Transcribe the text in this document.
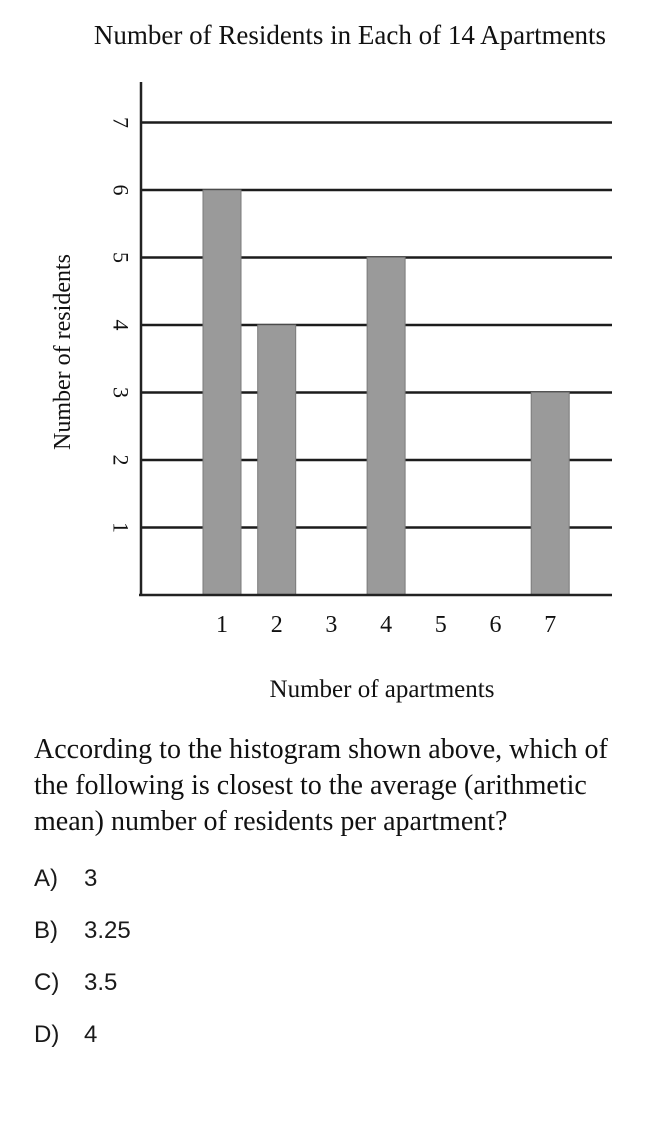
Number of Residents in Each of 14 Apartments
Number of residents
Number of apartments
1
2
3
4
5
6
7
1 2 3 4 5 6 7
According to the histogram shown above, which of the following is closest to the average (arithmetic mean) number of residents per apartment?
A) 3
B) 3.25
C) 3.5
D) 4
